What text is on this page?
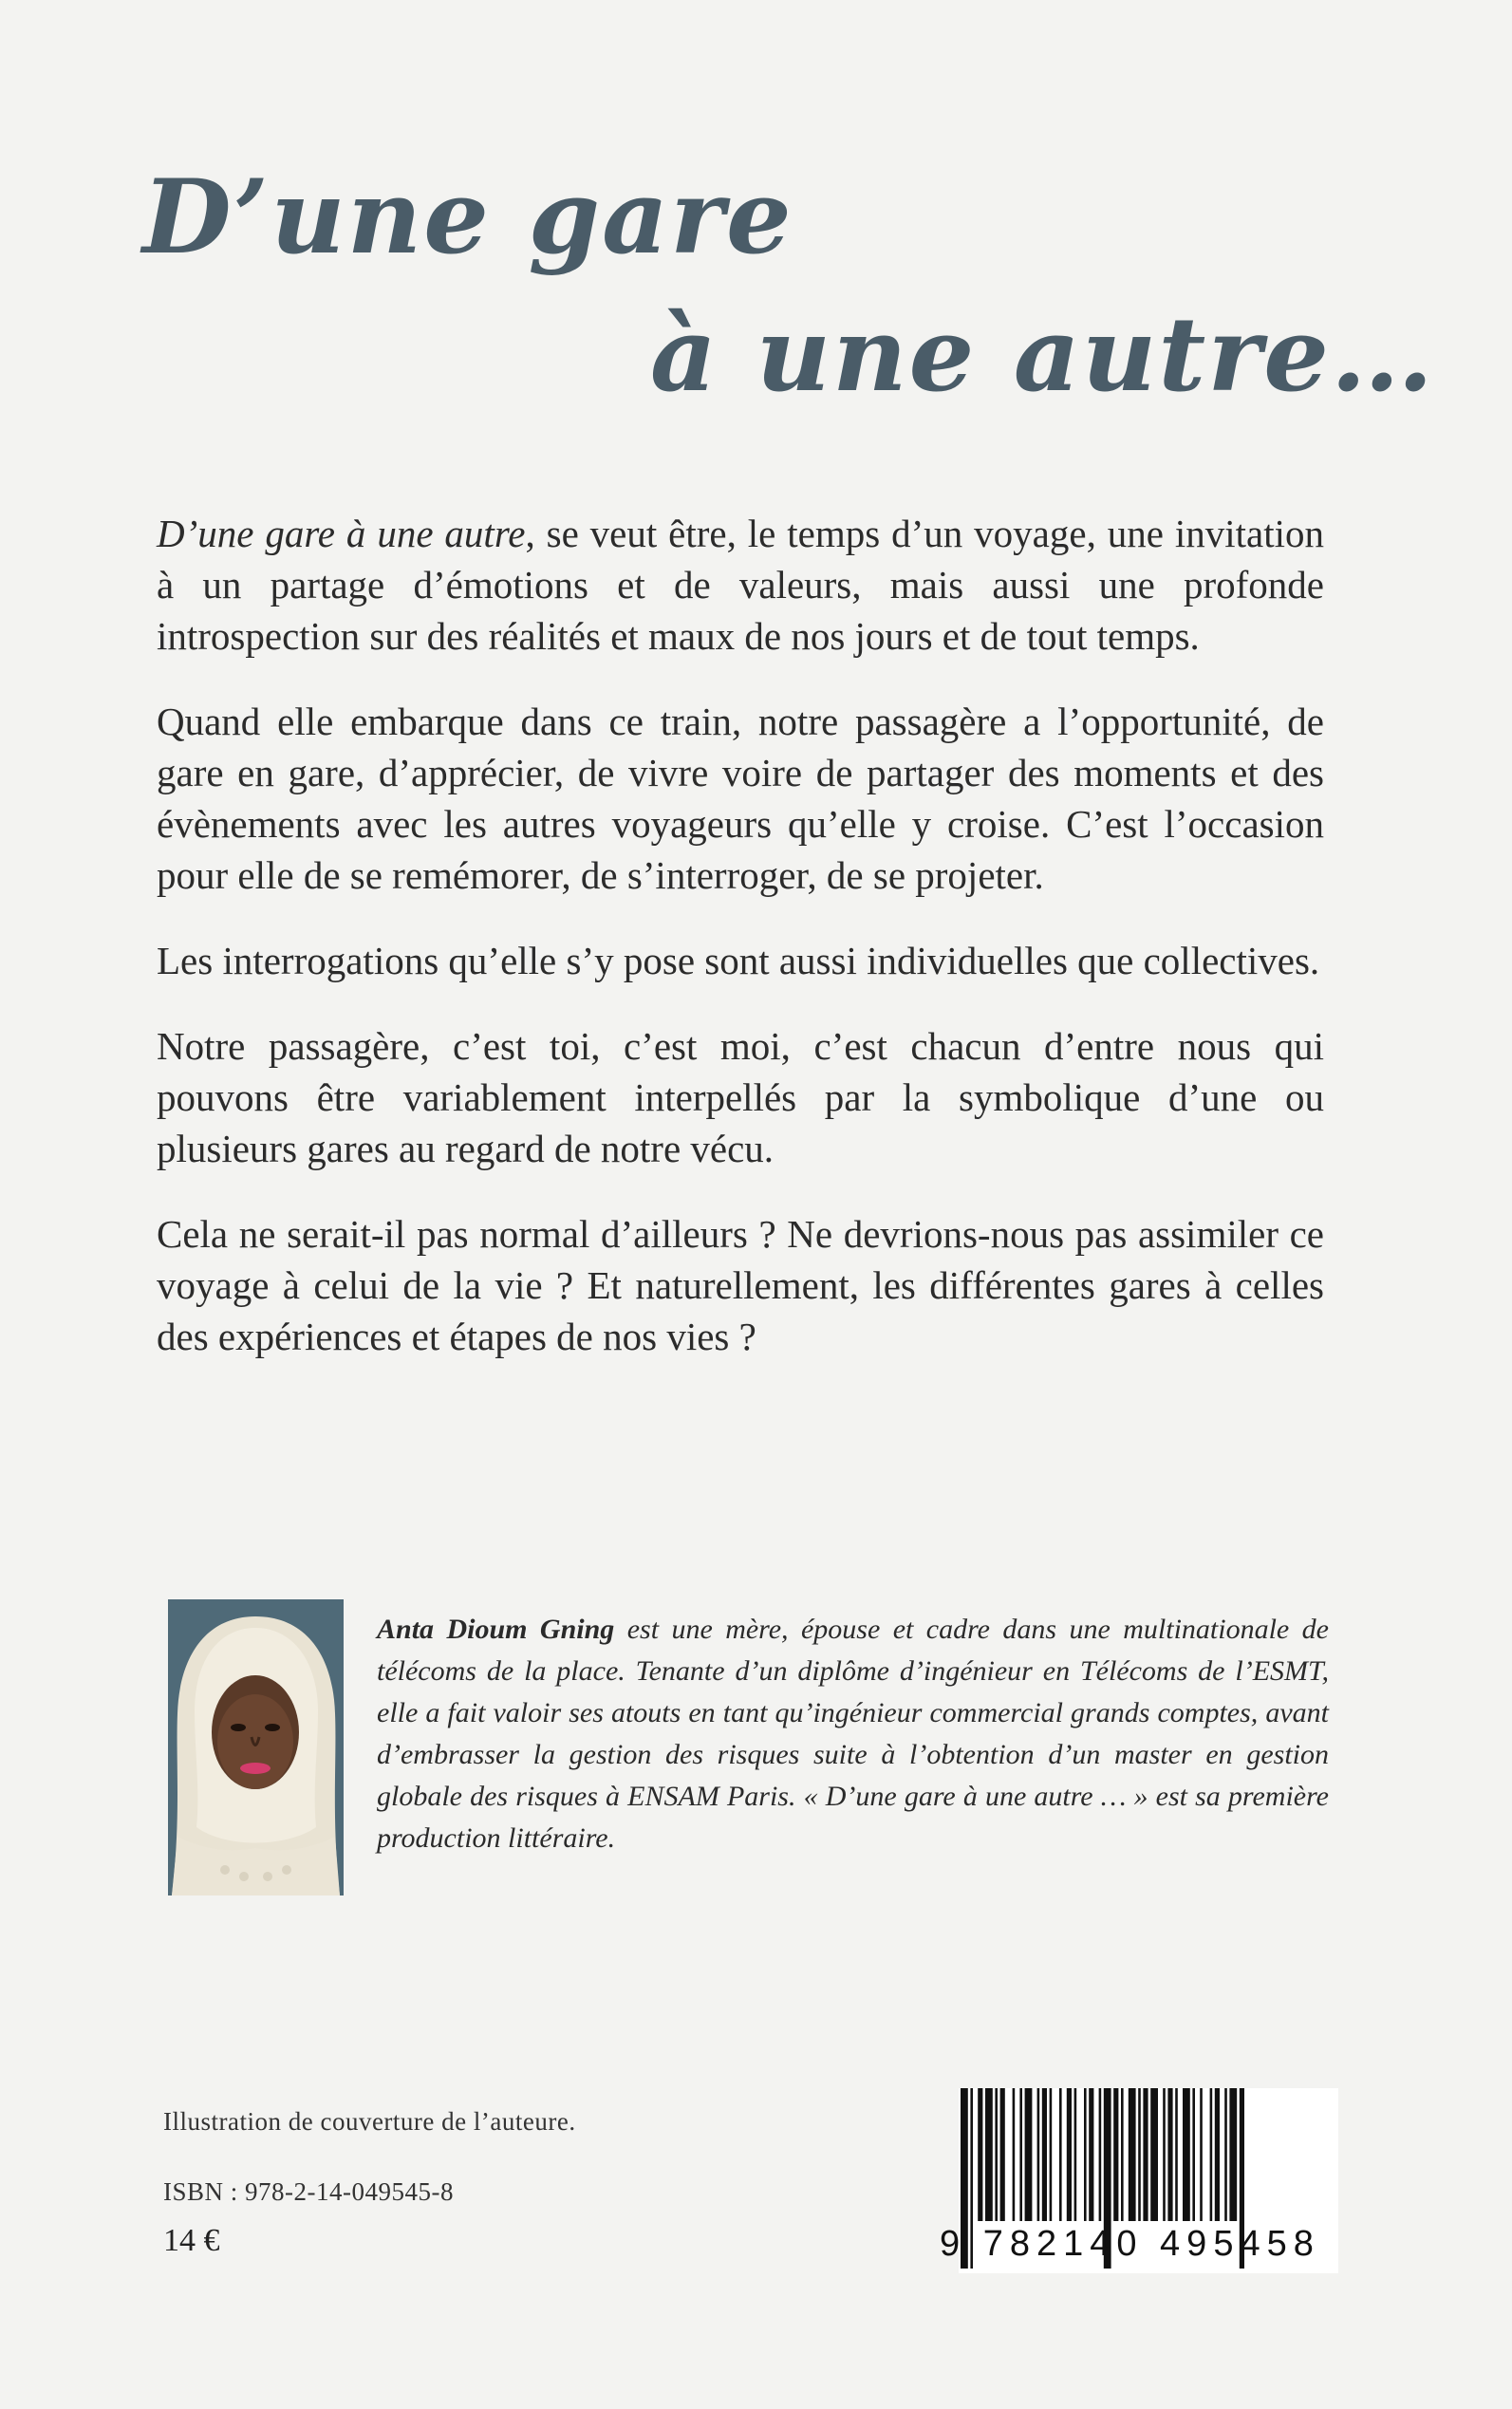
D’une gare
à une autre…

D’une gare à une autre, se veut être, le temps d’un voyage, une invitation à un partage d’émotions et de valeurs, mais aussi une profonde introspection sur des réalités et maux de nos jours et de tout temps.

Quand elle embarque dans ce train, notre passagère a l’opportunité, de gare en gare, d’apprécier, de vivre voire de partager des moments et des évènements avec les autres voyageurs qu’elle y croise. C’est l’occasion pour elle de se remémorer, de s’interroger, de se projeter.

Les interrogations qu’elle s’y pose sont aussi individuelles que collectives.

Notre passagère, c’est toi, c’est moi, c’est chacun d’entre nous qui pouvons être variablement interpellés par la symbolique d’une ou plusieurs gares au regard de notre vécu.

Cela ne serait-il pas normal d’ailleurs ? Ne devrions-nous pas assimiler ce voyage à celui de la vie ? Et naturellement, les différentes gares à celles des expériences et étapes de nos vies ?

Anta Dioum Gning est une mère, épouse et cadre dans une multinationale de télécoms de la place. Tenante d’un diplôme d’ingénieur en Télécoms de l’ESMT, elle a fait valoir ses atouts en tant qu’ingénieur commercial grands comptes, avant d’embrasser la gestion des risques suite à l’obtention d’un master en gestion globale des risques à ENSAM Paris. « D’une gare à une autre … » est sa première production littéraire.
Illustration de couverture de l’auteure.
ISBN : 978-2-14-049545-8
14 €	9 782140 495458
